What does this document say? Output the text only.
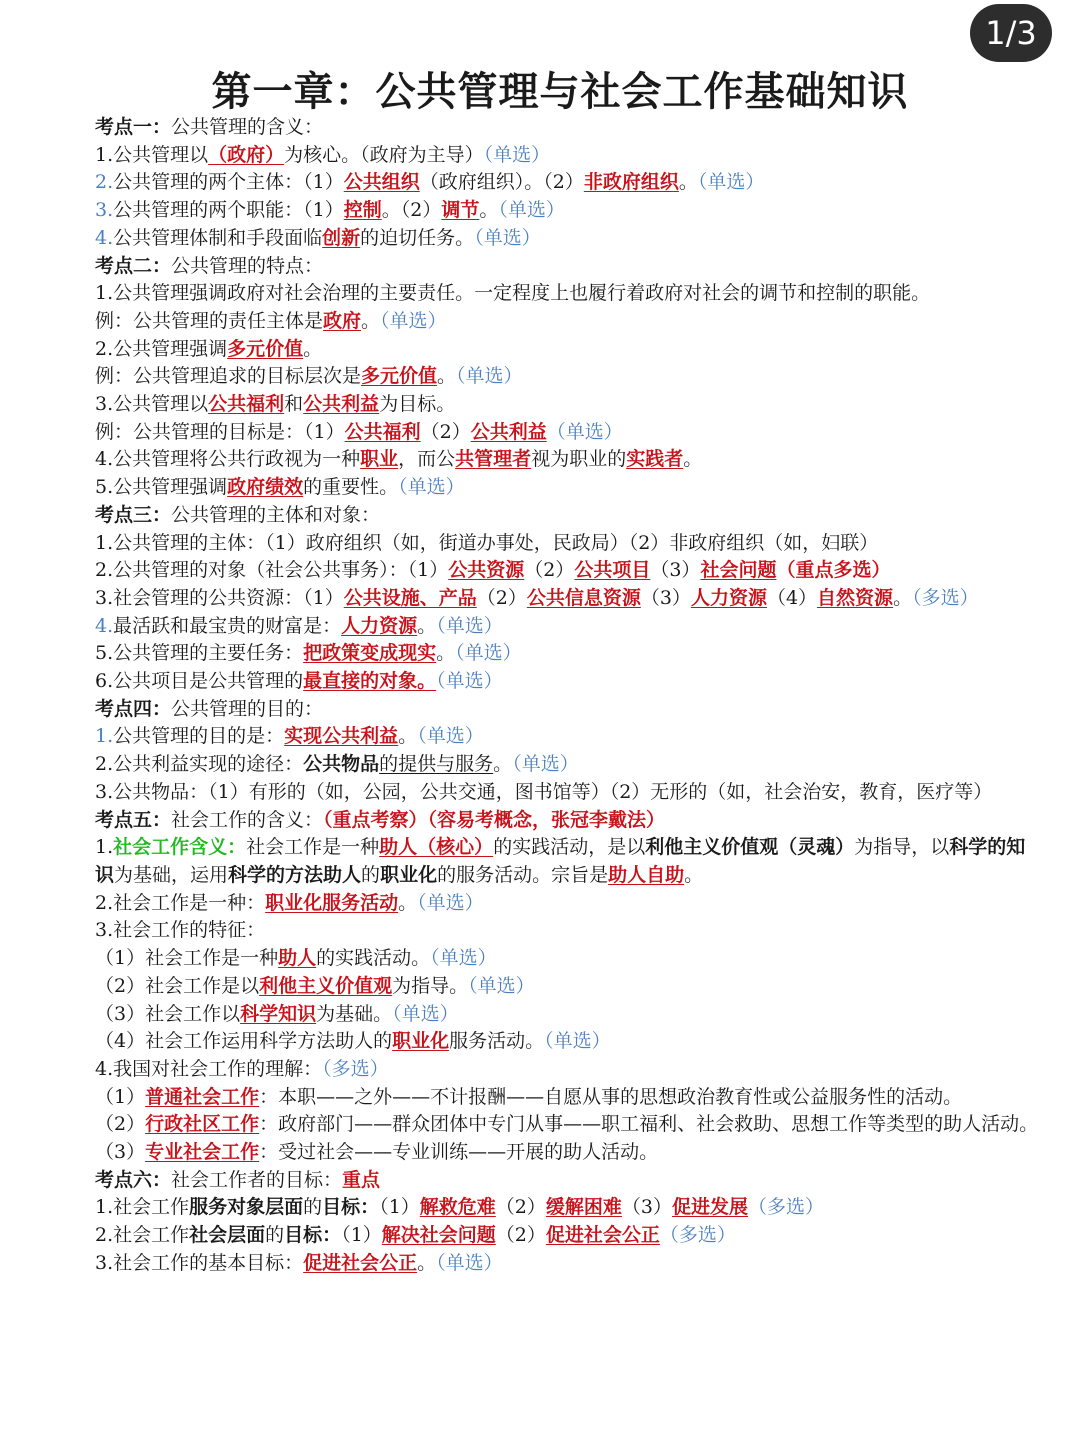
1/3
第一章：公共管理与社会工作基础知识
考点一：公共管理的含义：
1.公共管理以（政府）为核心。（政府为主导）（单选）
2.公共管理的两个主体：（1）公共组织（政府组织）。（2）非政府组织。（单选）
3.公共管理的两个职能：（1）控制。（2）调节。（单选）
4.公共管理体制和手段面临创新的迫切任务。（单选）
考点二：公共管理的特点：
1.公共管理强调政府对社会治理的主要责任。一定程度上也履行着政府对社会的调节和控制的职能。
例：公共管理的责任主体是政府。（单选）
2.公共管理强调多元价值。
例：公共管理追求的目标层次是多元价值。（单选）
3.公共管理以公共福利和公共利益为目标。
例：公共管理的目标是：（1）公共福利（2）公共利益（单选）
4.公共管理将公共行政视为一种职业，而公共管理者视为职业的实践者。
5.公共管理强调政府绩效的重要性。（单选）
考点三：公共管理的主体和对象：
1.公共管理的主体：（1）政府组织（如，街道办事处，民政局）（2）非政府组织（如，妇联）
2.公共管理的对象（社会公共事务）：（1）公共资源（2）公共项目（3）社会问题（重点多选）
3.社会管理的公共资源：（1）公共设施、产品（2）公共信息资源（3）人力资源（4）自然资源。（多选）
4.最活跃和最宝贵的财富是：人力资源。（单选）
5.公共管理的主要任务：把政策变成现实。（单选）
6.公共项目是公共管理的最直接的对象。（单选）
考点四：公共管理的目的：
1.公共管理的目的是：实现公共利益。（单选）
2.公共利益实现的途径：公共物品的提供与服务。（单选）
3.公共物品：（1）有形的（如，公园，公共交通，图书馆等）（2）无形的（如，社会治安，教育，医疗等）
考点五：社会工作的含义：（重点考察）（容易考概念，张冠李戴法）
1.社会工作含义：社会工作是一种助人（核心）的实践活动，是以利他主义价值观（灵魂）为指导，以科学的知识为基础，运用科学的方法助人的职业化的服务活动。宗旨是助人自助。
2.社会工作是一种：职业化服务活动。（单选）
3.社会工作的特征：
（1）社会工作是一种助人的实践活动。（单选）
（2）社会工作是以利他主义价值观为指导。（单选）
（3）社会工作以科学知识为基础。（单选）
（4）社会工作运用科学方法助人的职业化服务活动。（单选）
4.我国对社会工作的理解：（多选）
（1）普通社会工作：本职——之外——不计报酬——自愿从事的思想政治教育性或公益服务性的活动。
（2）行政社区工作：政府部门——群众团体中专门从事——职工福利、社会救助、思想工作等类型的助人活动。
（3）专业社会工作：受过社会——专业训练——开展的助人活动。
考点六：社会工作者的目标：重点
1.社会工作服务对象层面的目标：（1）解救危难（2）缓解困难（3）促进发展（多选）
2.社会工作社会层面的目标：（1）解决社会问题（2）促进社会公正（多选）
3.社会工作的基本目标：促进社会公正。（单选）
